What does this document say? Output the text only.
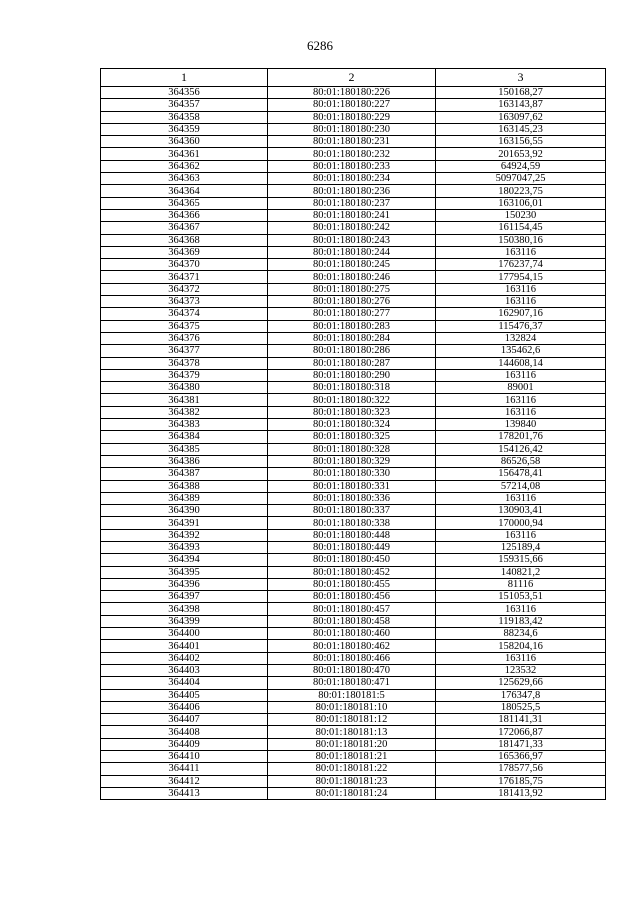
6286
1	2	3
364356	80:01:180180:226	150168,27
364357	80:01:180180:227	163143,87
364358	80:01:180180:229	163097,62
364359	80:01:180180:230	163145,23
364360	80:01:180180:231	163156,55
364361	80:01:180180:232	201653,92
364362	80:01:180180:233	64924,59
364363	80:01:180180:234	5097047,25
364364	80:01:180180:236	180223,75
364365	80:01:180180:237	163106,01
364366	80:01:180180:241	150230
364367	80:01:180180:242	161154,45
364368	80:01:180180:243	150380,16
364369	80:01:180180:244	163116
364370	80:01:180180:245	176237,74
364371	80:01:180180:246	177954,15
364372	80:01:180180:275	163116
364373	80:01:180180:276	163116
364374	80:01:180180:277	162907,16
364375	80:01:180180:283	115476,37
364376	80:01:180180:284	132824
364377	80:01:180180:286	135462,6
364378	80:01:180180:287	144608,14
364379	80:01:180180:290	163116
364380	80:01:180180:318	89001
364381	80:01:180180:322	163116
364382	80:01:180180:323	163116
364383	80:01:180180:324	139840
364384	80:01:180180:325	178201,76
364385	80:01:180180:328	154126,42
364386	80:01:180180:329	86526,58
364387	80:01:180180:330	156478,41
364388	80:01:180180:331	57214,08
364389	80:01:180180:336	163116
364390	80:01:180180:337	130903,41
364391	80:01:180180:338	170000,94
364392	80:01:180180:448	163116
364393	80:01:180180:449	125189,4
364394	80:01:180180:450	159315,66
364395	80:01:180180:452	140821,2
364396	80:01:180180:455	81116
364397	80:01:180180:456	151053,51
364398	80:01:180180:457	163116
364399	80:01:180180:458	119183,42
364400	80:01:180180:460	88234,6
364401	80:01:180180:462	158204,16
364402	80:01:180180:466	163116
364403	80:01:180180:470	123532
364404	80:01:180180:471	125629,66
364405	80:01:180181:5	176347,8
364406	80:01:180181:10	180525,5
364407	80:01:180181:12	181141,31
364408	80:01:180181:13	172066,87
364409	80:01:180181:20	181471,33
364410	80:01:180181:21	165366,97
364411	80:01:180181:22	178577,56
364412	80:01:180181:23	176185,75
364413	80:01:180181:24	181413,92
